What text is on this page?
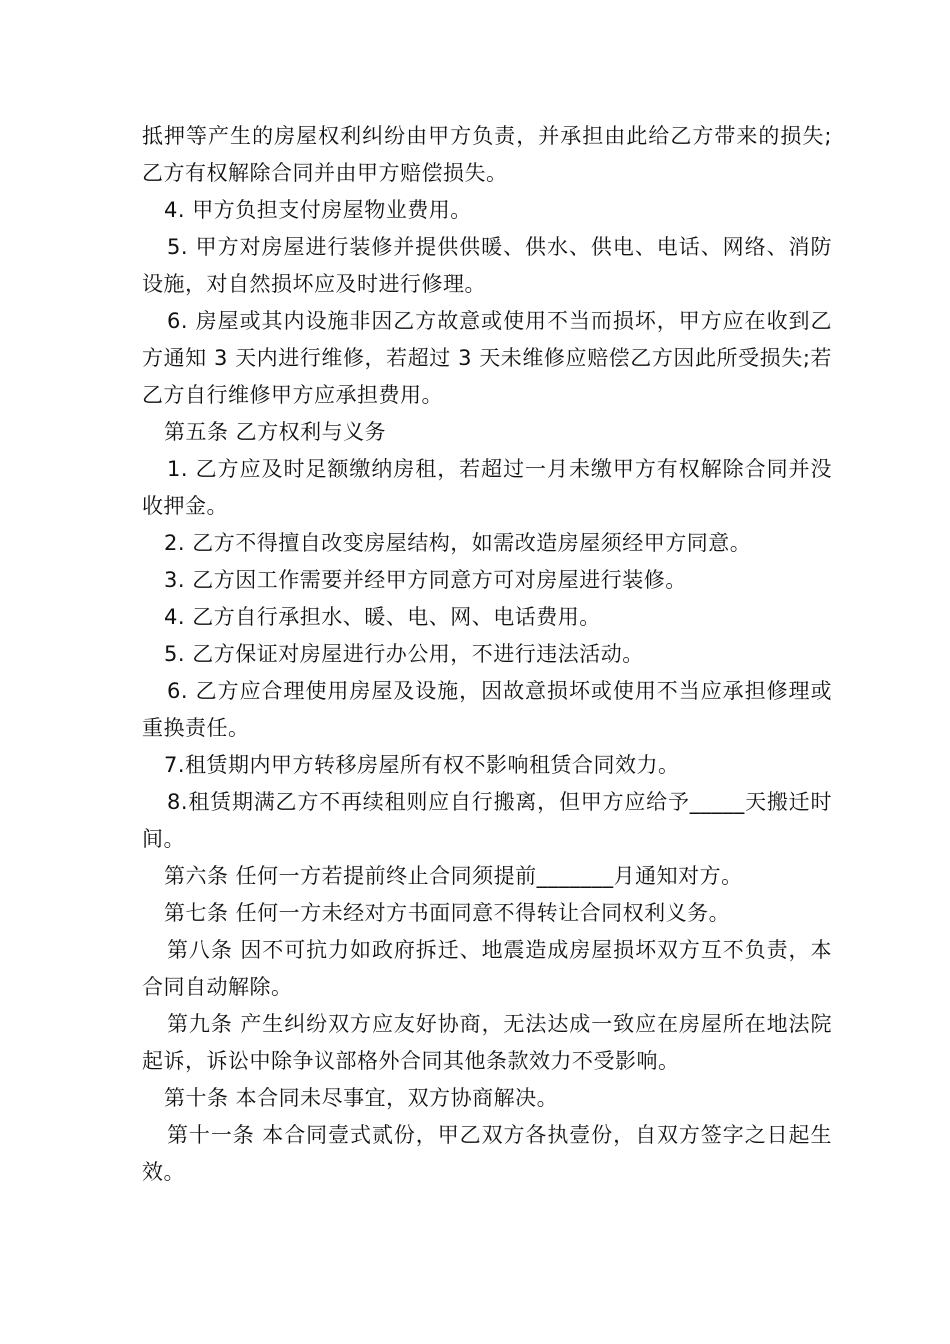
抵押等产生的房屋权利纠纷由甲方负责，并承担由此给乙方带来的损失;乙方有权解除合同并由甲方赔偿损失。

4. 甲方负担支付房屋物业费用。

5. 甲方对房屋进行装修并提供供暖、供水、供电、电话、网络、消防设施，对自然损坏应及时进行修理。

6. 房屋或其内设施非因乙方故意或使用不当而损坏，甲方应在收到乙方通知 3 天内进行维修，若超过 3 天未维修应赔偿乙方因此所受损失;若乙方自行维修甲方应承担费用。

第五条 乙方权利与义务

1. 乙方应及时足额缴纳房租，若超过一月未缴甲方有权解除合同并没收押金。

2. 乙方不得擅自改变房屋结构，如需改造房屋须经甲方同意。

3. 乙方因工作需要并经甲方同意方可对房屋进行装修。

4. 乙方自行承担水、暖、电、网、电话费用。

5. 乙方保证对房屋进行办公用，不进行违法活动。

6. 乙方应合理使用房屋及设施，因故意损坏或使用不当应承担修理或重换责任。

7.租赁期内甲方转移房屋所有权不影响租赁合同效力。

8.租赁期满乙方不再续租则应自行搬离，但甲方应给予_____天搬迁时间。

第六条 任何一方若提前终止合同须提前_______月通知对方。

第七条 任何一方未经对方书面同意不得转让合同权利义务。

第八条 因不可抗力如政府拆迁、地震造成房屋损坏双方互不负责，本合同自动解除。

第九条 产生纠纷双方应友好协商，无法达成一致应在房屋所在地法院起诉，诉讼中除争议部格外合同其他条款效力不受影响。

第十条 本合同未尽事宜，双方协商解决。

第十一条 本合同壹式贰份，甲乙双方各执壹份，自双方签字之日起生效。
